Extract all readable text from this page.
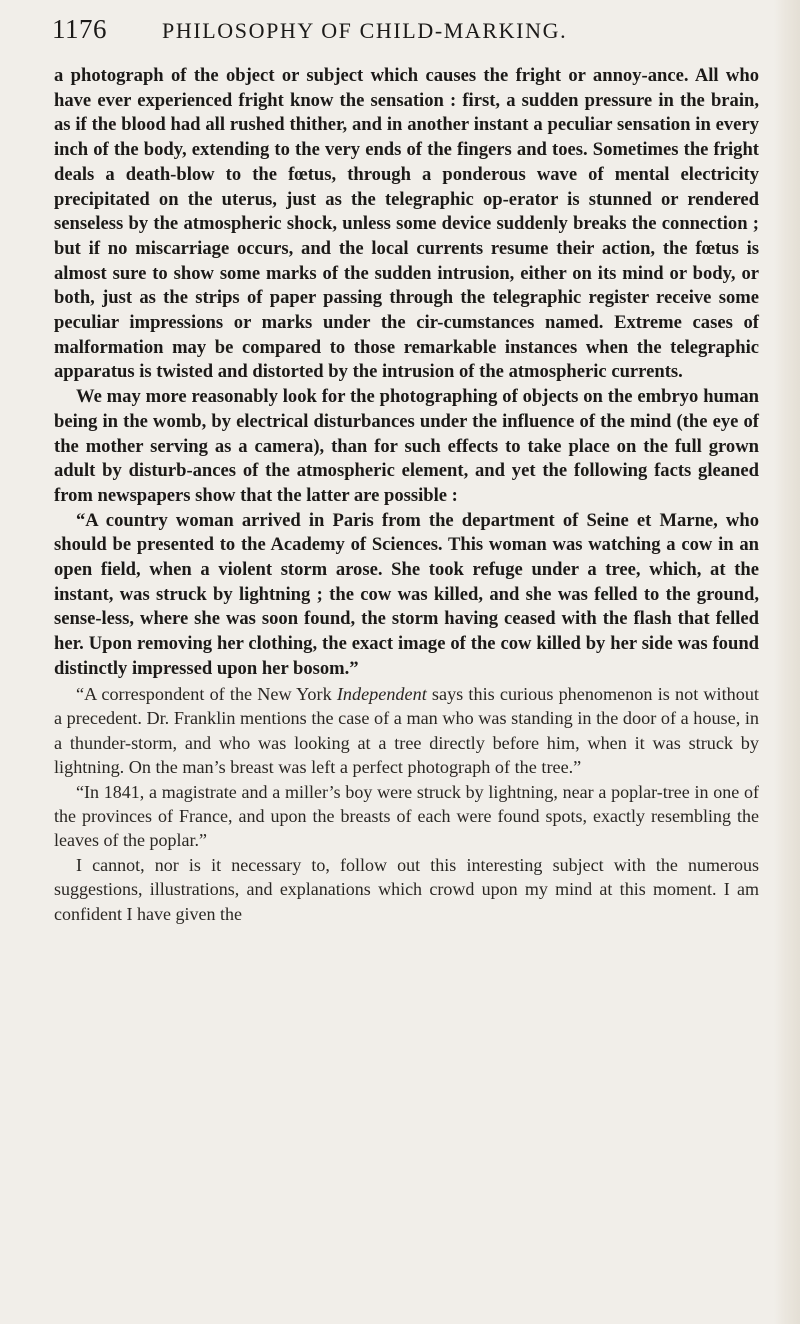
1176	PHILOSOPHY OF CHILD-MARKING.

a photograph of the object or subject which causes the fright or annoy-ance. All who have ever experienced fright know the sensation : first, a sudden pressure in the brain, as if the blood had all rushed thither, and in another instant a peculiar sensation in every inch of the body, extending to the very ends of the fingers and toes. Sometimes the fright deals a death-blow to the fœtus, through a ponderous wave of mental electricity precipitated on the uterus, just as the telegraphic op-erator is stunned or rendered senseless by the atmospheric shock, unless some device suddenly breaks the connection ; but if no miscarriage occurs, and the local currents resume their action, the fœtus is almost sure to show some marks of the sudden intrusion, either on its mind or body, or both, just as the strips of paper passing through the telegraphic register receive some peculiar impressions or marks under the cir-cumstances named. Extreme cases of malformation may be compared to those remarkable instances when the telegraphic apparatus is twisted and distorted by the intrusion of the atmospheric currents.

We may more reasonably look for the photographing of objects on the embryo human being in the womb, by electrical disturbances under the influence of the mind (the eye of the mother serving as a camera), than for such effects to take place on the full grown adult by disturb-ances of the atmospheric element, and yet the following facts gleaned from newspapers show that the latter are possible :

“A country woman arrived in Paris from the department of Seine et Marne, who should be presented to the Academy of Sciences. This woman was watching a cow in an open field, when a violent storm arose. She took refuge under a tree, which, at the instant, was struck by lightning ; the cow was killed, and she was felled to the ground, sense-less, where she was soon found, the storm having ceased with the flash that felled her. Upon removing her clothing, the exact image of the cow killed by her side was found distinctly impressed upon her bosom.”

“A correspondent of the New York Independent says this curious phenomenon is not without a precedent. Dr. Franklin mentions the case of a man who was standing in the door of a house, in a thunder-storm, and who was looking at a tree directly before him, when it was struck by lightning. On the man’s breast was left a perfect photograph of the tree.”

“In 1841, a magistrate and a miller’s boy were struck by lightning, near a poplar-tree in one of the provinces of France, and upon the breasts of each were found spots, exactly resembling the leaves of the poplar.”

I cannot, nor is it necessary to, follow out this interesting subject with the numerous suggestions, illustrations, and explanations which crowd upon my mind at this moment. I am confident I have given the
